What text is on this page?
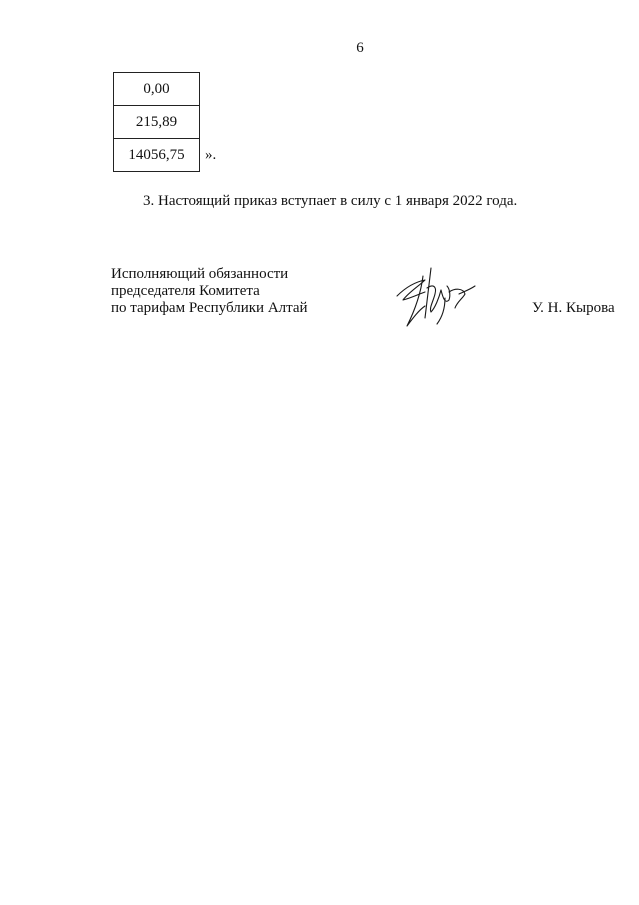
6
0,00
215,89
14056,75 ».
3. Настоящий приказ вступает в силу с 1 января 2022 года.
Исполняющий обязанности
председателя Комитета
по тарифам Республики Алтай	У. Н. Кырова
